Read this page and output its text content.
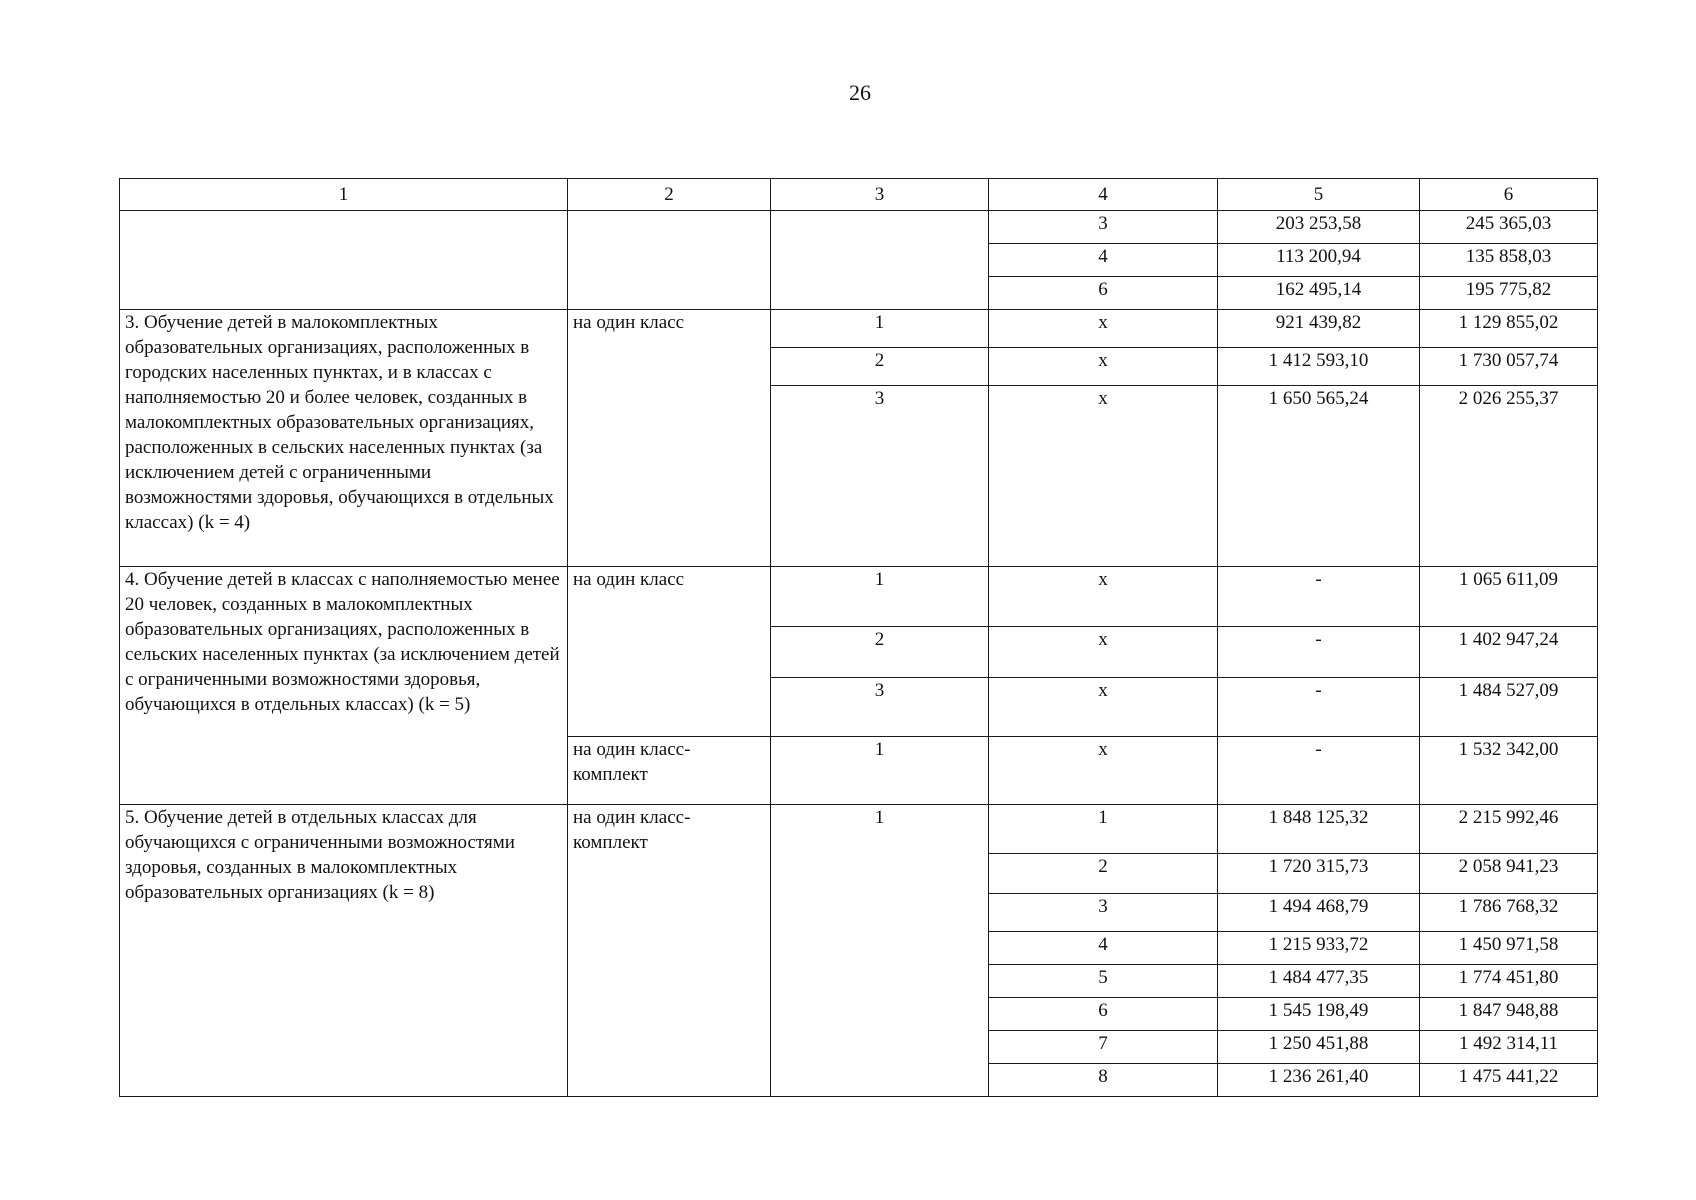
26
1	2	3	4	5	6
			3	203 253,58	245 365,03
			4	113 200,94	135 858,03
			6	162 495,14	195 775,82
3. Обучение детей в малокомплектных образовательных организациях, расположенных в городских населенных пунктах, и в классах с наполняемостью 20 и более человек, созданных в малокомплектных образовательных организациях, расположенных в сельских населенных пунктах (за исключением детей с ограниченными возможностями здоровья, обучающихся в отдельных классах) (k = 4)	на один класс	1	х	921 439,82	1 129 855,02
		2	х	1 412 593,10	1 730 057,74
		3	х	1 650 565,24	2 026 255,37
4. Обучение детей в классах с наполняемостью менее 20 человек, созданных в малокомплектных образовательных организациях, расположенных в сельских населенных пунктах (за исключением детей с ограниченными возможностями здоровья, обучающихся в отдельных классах) (k = 5)	на один класс	1	х	-	1 065 611,09
		2	х	-	1 402 947,24
		3	х	-	1 484 527,09
	на один класс-комплект	1	х	-	1 532 342,00
5. Обучение детей в отдельных классах для обучающихся с ограниченными возможностями здоровья, созданных в малокомплектных образовательных организациях (k = 8)	на один класс-комплект	1	1	1 848 125,32	2 215 992,46
			2	1 720 315,73	2 058 941,23
			3	1 494 468,79	1 786 768,32
			4	1 215 933,72	1 450 971,58
			5	1 484 477,35	1 774 451,80
			6	1 545 198,49	1 847 948,88
			7	1 250 451,88	1 492 314,11
			8	1 236 261,40	1 475 441,22
